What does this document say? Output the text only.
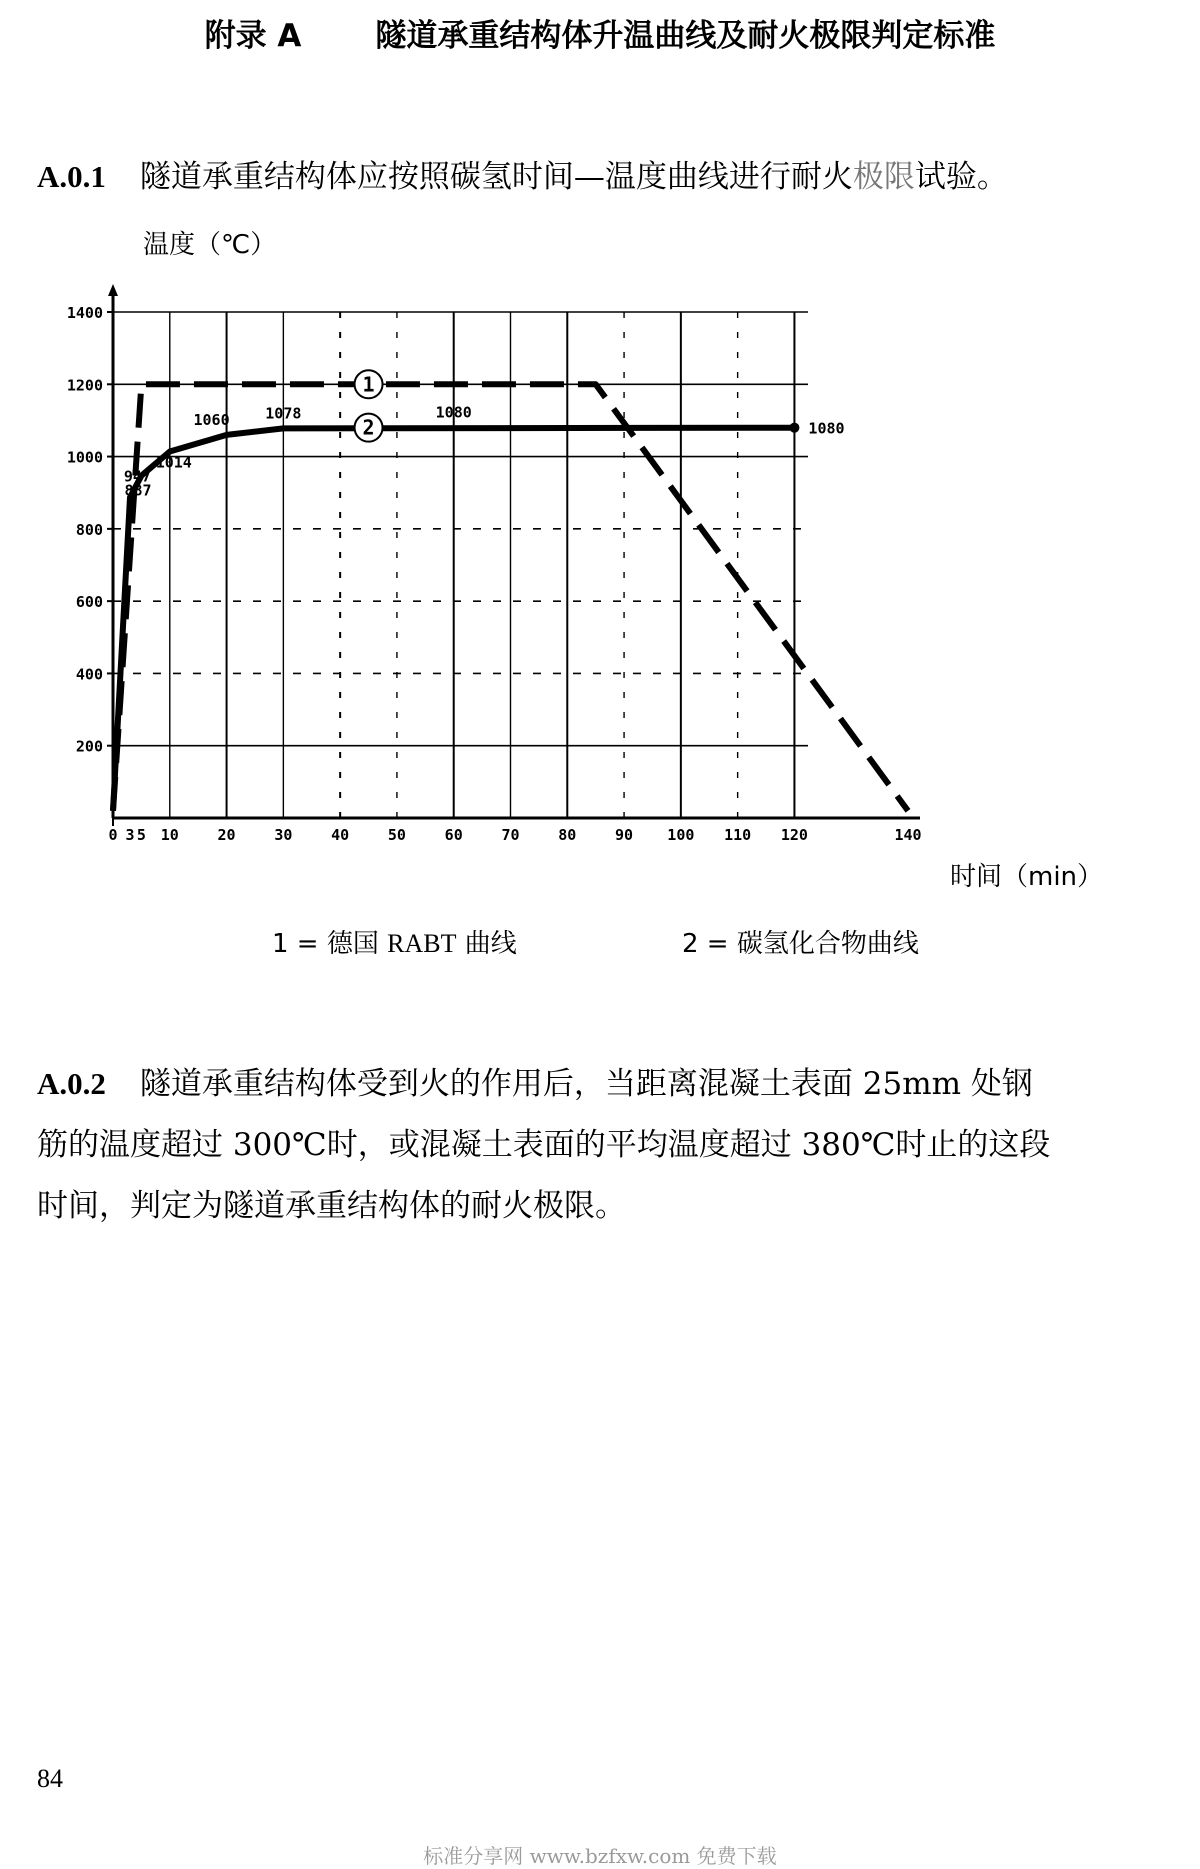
附录 A 隧道承重结构体升温曲线及耐火极限判定标准
A.0.1 隧道承重结构体应按照碳氢时间—温度曲线进行耐火极限试验。
温度（℃）
200
400
600
800
1000
1200
1400
0 3 5 10	20	30	40	50	60	70	80	90 100 110 120	140
1
2
1060 1078	1080
1014
947
887
1080
时间（min）
1 = 德国 RABT 曲线	2 = 碳氢化合物曲线
A.0.2 隧道承重结构体受到火的作用后，当距离混凝土表面 25mm 处钢
筋的温度超过 300℃时，或混凝土表面的平均温度超过 380℃时止的这段
时间，判定为隧道承重结构体的耐火极限。
84
标准分享网 www.bzfxw.com 免费下载
